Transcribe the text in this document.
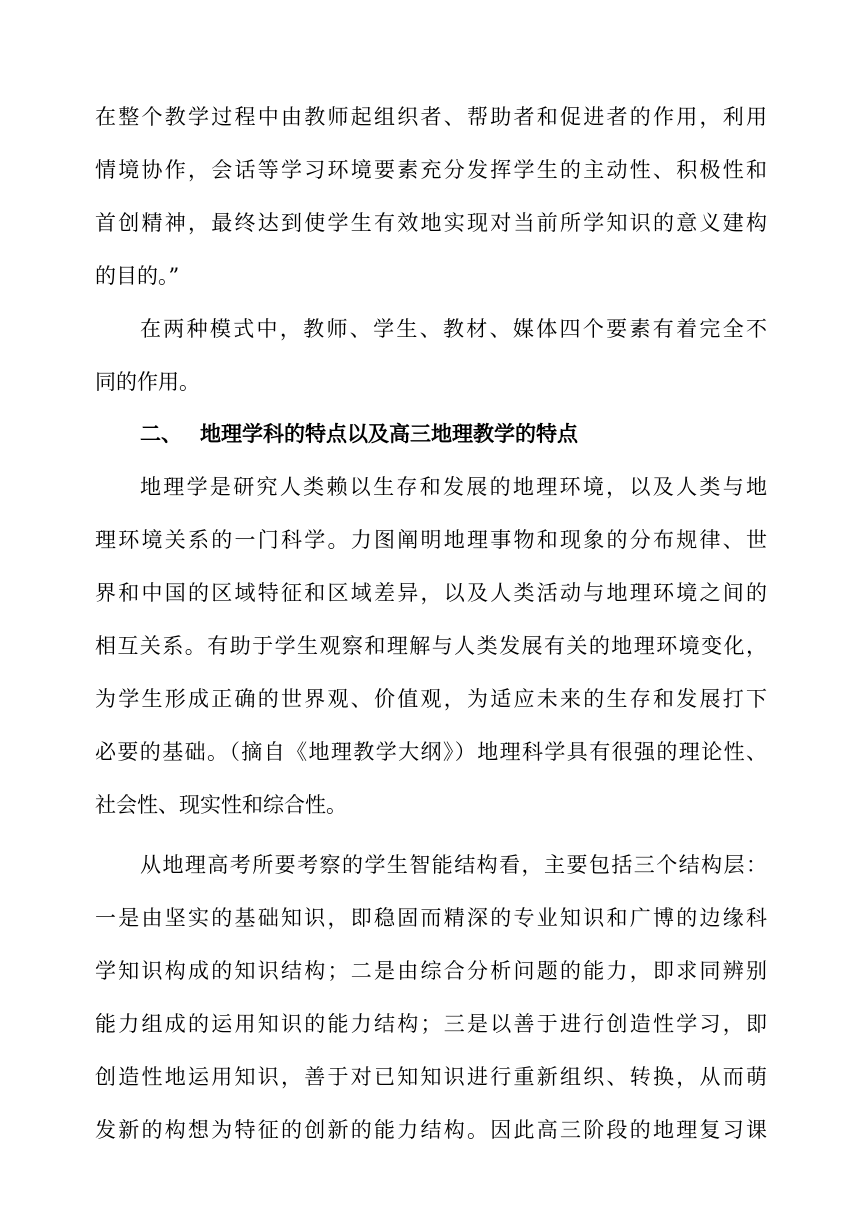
在整个教学过程中由教师起组织者、帮助者和促进者的作用，利用
情境协作，会话等学习环境要素充分发挥学生的主动性、积极性和
首创精神，最终达到使学生有效地实现对当前所学知识的意义建构
的目的。”
在两种模式中，教师、学生、教材、媒体四个要素有着完全不
同的作用。
二、 地理学科的特点以及高三地理教学的特点
地理学是研究人类赖以生存和发展的地理环境，以及人类与地
理环境关系的一门科学。力图阐明地理事物和现象的分布规律、世
界和中国的区域特征和区域差异，以及人类活动与地理环境之间的
相互关系。有助于学生观察和理解与人类发展有关的地理环境变化，
为学生形成正确的世界观、价值观，为适应未来的生存和发展打下
必要的基础。（摘自《地理教学大纲》）地理科学具有很强的理论性、
社会性、现实性和综合性。
从地理高考所要考察的学生智能结构看，主要包括三个结构层：
一是由坚实的基础知识，即稳固而精深的专业知识和广博的边缘科
学知识构成的知识结构；二是由综合分析问题的能力，即求同辨别
能力组成的运用知识的能力结构；三是以善于进行创造性学习，即
创造性地运用知识，善于对已知知识进行重新组织、转换，从而萌
发新的构想为特征的创新的能力结构。因此高三阶段的地理复习课
